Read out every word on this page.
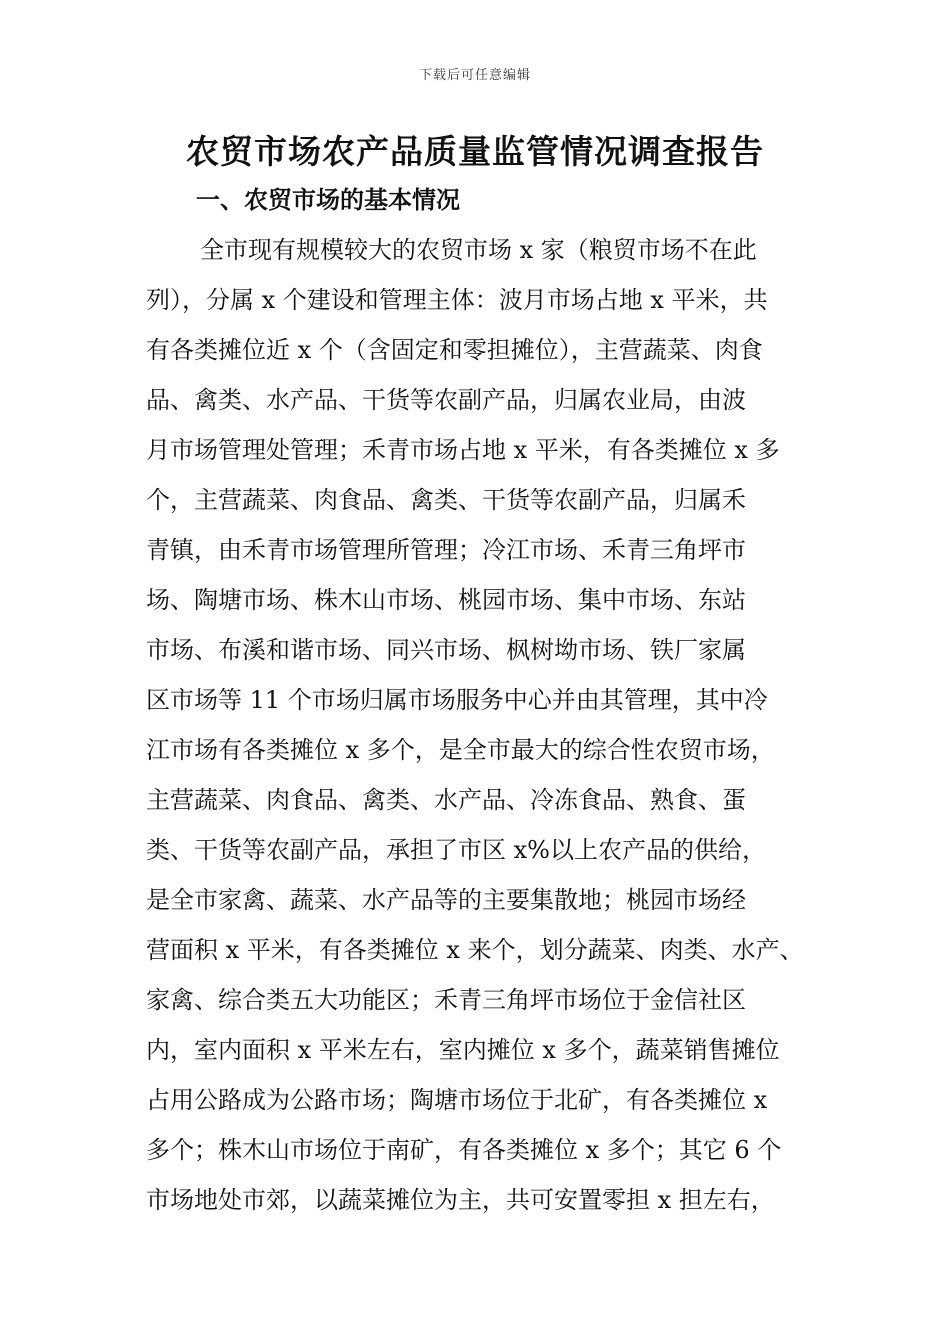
下载后可任意编辑
农贸市场农产品质量监管情况调查报告
一、农贸市场的基本情况
全市现有规模较大的农贸市场 x 家（粮贸市场不在此
列），分属 x 个建设和管理主体：波月市场占地 x 平米，共
有各类摊位近 x 个（含固定和零担摊位），主营蔬菜、肉食
品、禽类、水产品、干货等农副产品，归属农业局，由波
月市场管理处管理；禾青市场占地 x 平米，有各类摊位 x 多
个，主营蔬菜、肉食品、禽类、干货等农副产品，归属禾
青镇，由禾青市场管理所管理；冷江市场、禾青三角坪市
场、陶塘市场、株木山市场、桃园市场、集中市场、东站
市场、布溪和谐市场、同兴市场、枫树坳市场、铁厂家属
区市场等 11 个市场归属市场服务中心并由其管理，其中冷
江市场有各类摊位 x 多个，是全市最大的综合性农贸市场，
主营蔬菜、肉食品、禽类、水产品、冷冻食品、熟食、蛋
类、干货等农副产品，承担了市区 x%以上农产品的供给，
是全市家禽、蔬菜、水产品等的主要集散地；桃园市场经
营面积 x 平米，有各类摊位 x 来个，划分蔬菜、肉类、水产、
家禽、综合类五大功能区；禾青三角坪市场位于金信社区
内，室内面积 x 平米左右，室内摊位 x 多个，蔬菜销售摊位
占用公路成为公路市场；陶塘市场位于北矿，有各类摊位 x
多个；株木山市场位于南矿，有各类摊位 x 多个；其它 6 个
市场地处市郊，以蔬菜摊位为主，共可安置零担 x 担左右，
